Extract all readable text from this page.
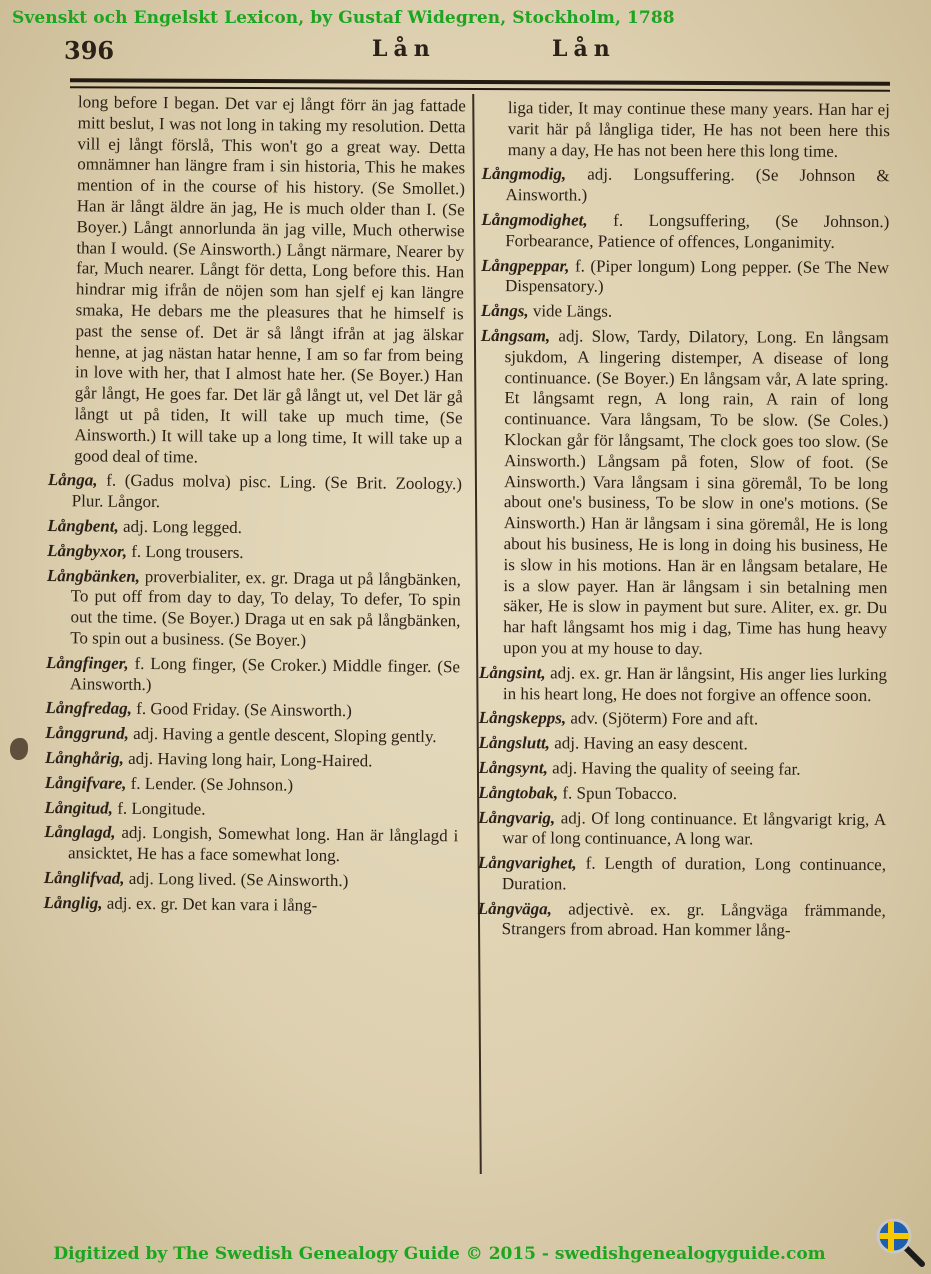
Svenskt och Engelskt Lexicon, by Gustaf Widegren, Stockholm, 1788
396	Lån	Lån

long before I began. Det var ej långt förr än jag fattade mitt beslut, I was not long in taking my resolution. Detta vill ej långt förslå, This won't go a great way. Detta omnämner han längre fram i sin historia, This he makes mention of in the course of his history. (Se Smollet.) Han är långt äldre än jag, He is much older than I. (Se Boyer.) Långt annorlunda än jag ville, Much otherwise than I would. (Se Ainsworth.) Långt närmare, Nearer by far, Much nearer. Långt för detta, Long before this. Han hindrar mig ifrån de nöjen som han sjelf ej kan längre smaka, He debars me the pleasures that he himself is past the sense of. Det är så långt ifrån at jag älskar henne, at jag nästan hatar henne, I am so far from being in love with her, that I almost hate her. (Se Boyer.) Han går långt, He goes far. Det lär gå långt ut, vel Det lär gå långt ut på tiden, It will take up much time, (Se Ainsworth.) It will take up a long time, It will take up a good deal of time.

Långa, f. (Gadus molva) pisc. Ling. (Se Brit. Zoology.) Plur. Långor.

Långbent, adj. Long legged.

Långbyxor, f. Long trousers.

Långbänken, proverbialiter, ex. gr. Draga ut på långbänken, To put off from day to day, To delay, To defer, To spin out the time. (Se Boyer.) Draga ut en sak på långbänken, To spin out a business. (Se Boyer.)

Långfinger, f. Long finger, (Se Croker.) Middle finger. (Se Ainsworth.)

Långfredag, f. Good Friday. (Se Ainsworth.)

Långgrund, adj. Having a gentle descent, Sloping gently.

Långhårig, adj. Having long hair, Long-Haired.

Långifvare, f. Lender. (Se Johnson.)

Långitud, f. Longitude.

Långlagd, adj. Longish, Somewhat long. Han är långlagd i ansicktet, He has a face somewhat long.

Långlifvad, adj. Long lived. (Se Ainsworth.)

Långlig, adj. ex. gr. Det kan vara i lång-

liga tider, It may continue these many years. Han har ej varit här på långliga tider, He has not been here this many a day, He has not been here this long time.

Långmodig, adj. Longsuffering. (Se Johnson & Ainsworth.)

Långmodighet, f. Longsuffering, (Se Johnson.) Forbearance, Patience of offences, Longanimity.

Långpeppar, f. (Piper longum) Long pepper. (Se The New Dispensatory.)

Långs, vide Längs.

Långsam, adj. Slow, Tardy, Dilatory, Long. En långsam sjukdom, A lingering distemper, A disease of long continuance. (Se Boyer.) En långsam vår, A late spring. Et långsamt regn, A long rain, A rain of long continuance. Vara långsam, To be slow. (Se Coles.) Klockan går för långsamt, The clock goes too slow. (Se Ainsworth.) Långsam på foten, Slow of foot. (Se Ainsworth.) Vara långsam i sina göremål, To be long about one's business, To be slow in one's motions. (Se Ainsworth.) Han är långsam i sina göremål, He is long about his business, He is long in doing his business, He is slow in his motions. Han är en långsam betalare, He is a slow payer. Han är långsam i sin betalning men säker, He is slow in payment but sure. Aliter, ex. gr. Du har haft långsamt hos mig i dag, Time has hung heavy upon you at my house to day.

Långsint, adj. ex. gr. Han är långsint, His anger lies lurking in his heart long, He does not forgive an offence soon.

Långskepps, adv. (Sjöterm) Fore and aft.

Långslutt, adj. Having an easy descent.

Långsynt, adj. Having the quality of seeing far.

Långtobak, f. Spun Tobacco.

Långvarig, adj. Of long continuance. Et långvarigt krig, A war of long continuance, A long war.

Långvarighet, f. Length of duration, Long continuance, Duration.

Långväga, adjectivè. ex. gr. Långväga främmande, Strangers from abroad. Han kommer lång-

Digitized by The Swedish Genealogy Guide © 2015 - swedishgenealogyguide.com
